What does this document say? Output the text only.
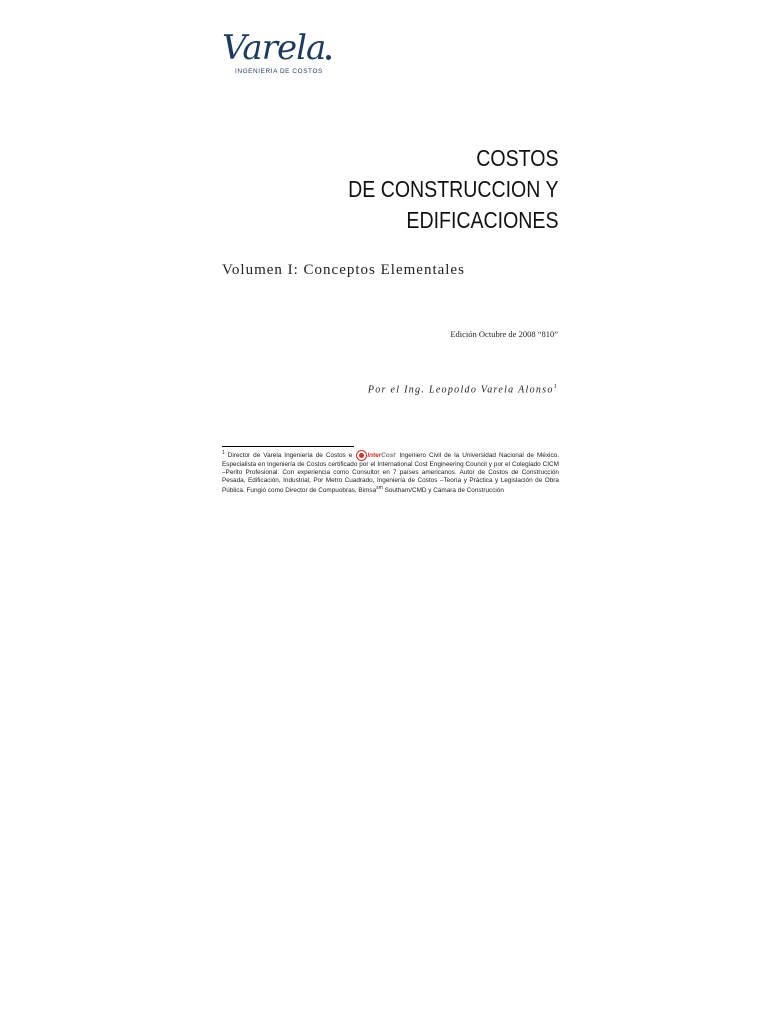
Varela
INGENIERIA DE COSTOS
COSTOS
DE CONSTRUCCION Y
EDIFICACIONES
Volumen I: Conceptos Elementales
Edición Octubre de 2008 “810”
Por el Ing. Leopoldo Varela Alonso$^1$
$^1$ Director de Varela Ingeniería de Costos e InterCost Ingeniero Civil de la Universidad Nacional de México. Especialista en Ingeniería de Costos certificado por el International Cost Engineering Council y por el Colegiado CICM –Perito Profesional. Con experiencia como Consultor en 7 países americanos. Autor de Costos de Construcción Pesada, Edificación, Industrial, Por Metro Cuadrado, Ingeniería de Costos –Teoría y Práctica y Legislación de Obra Pública. Fungió como Director de Compuobras, Bimsa$^{sm}$ Southam/CMD y Cámara de Construcción
